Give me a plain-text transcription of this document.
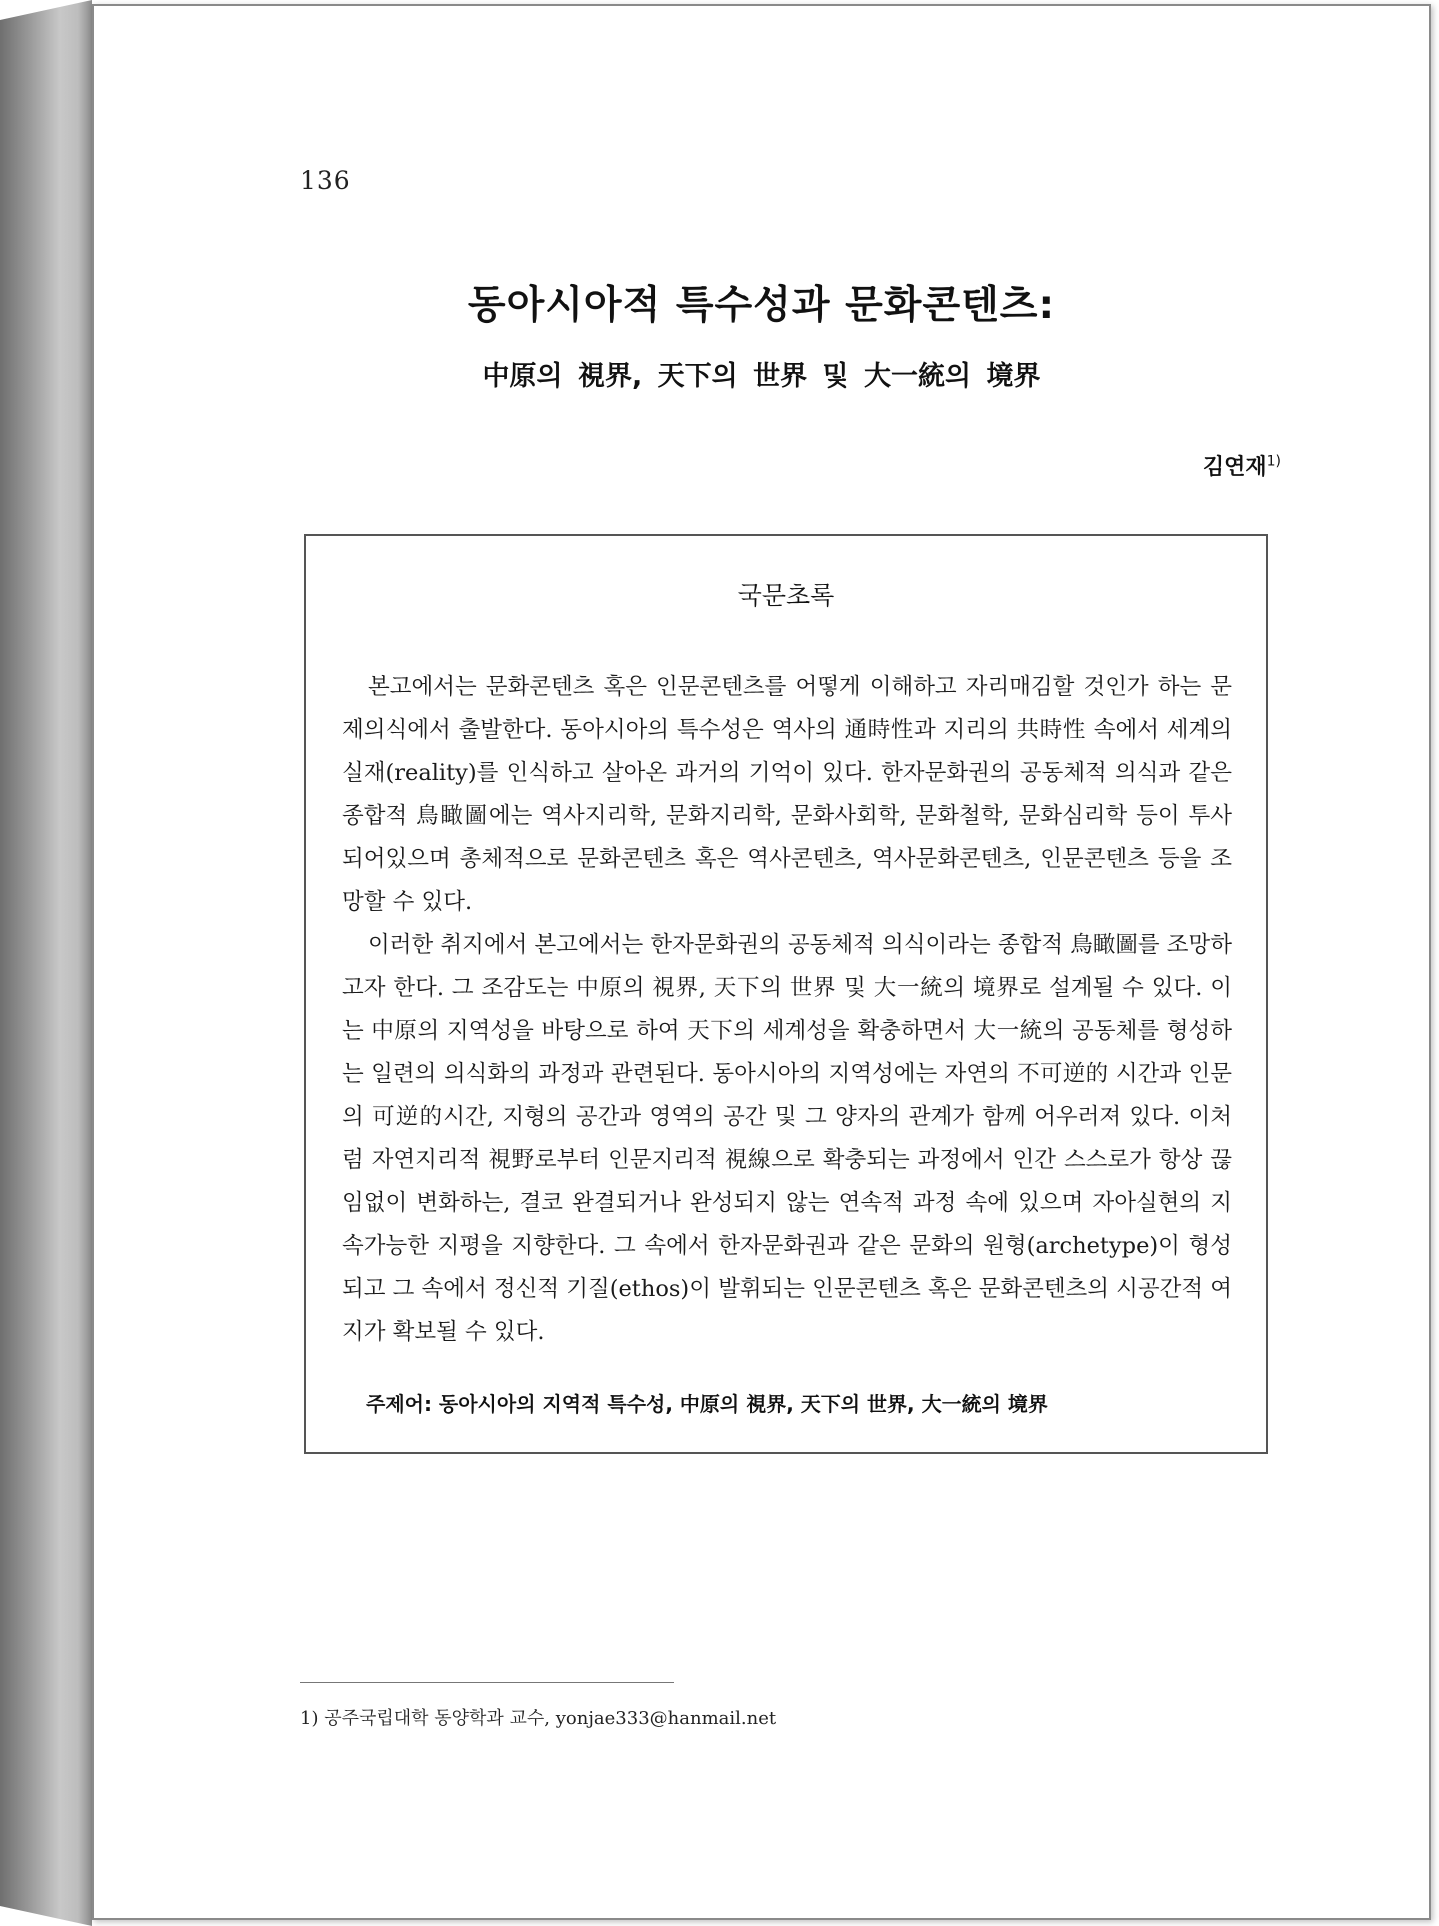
136
동아시아적 특수성과 문화콘텐츠:
中原의 視界, 天下의 世界 및 大一統의 境界
김연재$^{1)}$
국문초록

본고에서는 문화콘텐츠 혹은 인문콘텐츠를 어떻게 이해하고 자리매김할 것인가 하는 문제의식에서 출발한다. 동아시아의 특수성은 역사의 通時性과 지리의 共時性 속에서 세계의 실재(reality)를 인식하고 살아온 과거의 기억이 있다. 한자문화권의 공동체적 의식과 같은 종합적 鳥瞰圖에는 역사지리학, 문화지리학, 문화사회학, 문화철학, 문화심리학 등이 투사되어있으며 총체적으로 문화콘텐츠 혹은 역사콘텐츠, 역사문화콘텐츠, 인문콘텐츠 등을 조망할 수 있다.

이러한 취지에서 본고에서는 한자문화권의 공동체적 의식이라는 종합적 鳥瞰圖를 조망하고자 한다. 그 조감도는 中原의 視界, 天下의 世界 및 大一統의 境界로 설계될 수 있다. 이는 中原의 지역성을 바탕으로 하여 天下의 세계성을 확충하면서 大一統의 공동체를 형성하는 일련의 의식화의 과정과 관련된다. 동아시아의 지역성에는 자연의 不可逆的 시간과 인문의 可逆的시간, 지형의 공간과 영역의 공간 및 그 양자의 관계가 함께 어우러져 있다. 이처럼 자연지리적 視野로부터 인문지리적 視線으로 확충되는 과정에서 인간 스스로가 항상 끊임없이 변화하는, 결코 완결되거나 완성되지 않는 연속적 과정 속에 있으며 자아실현의 지속가능한 지평을 지향한다. 그 속에서 한자문화권과 같은 문화의 원형(archetype)이 형성되고 그 속에서 정신적 기질(ethos)이 발휘되는 인문콘텐츠 혹은 문화콘텐츠의 시공간적 여지가 확보될 수 있다.

주제어: 동아시아의 지역적 특수성, 中原의 視界, 天下의 世界, 大一統의 境界
1) 공주국립대학 동양학과 교수, yonjae333@hanmail.net
